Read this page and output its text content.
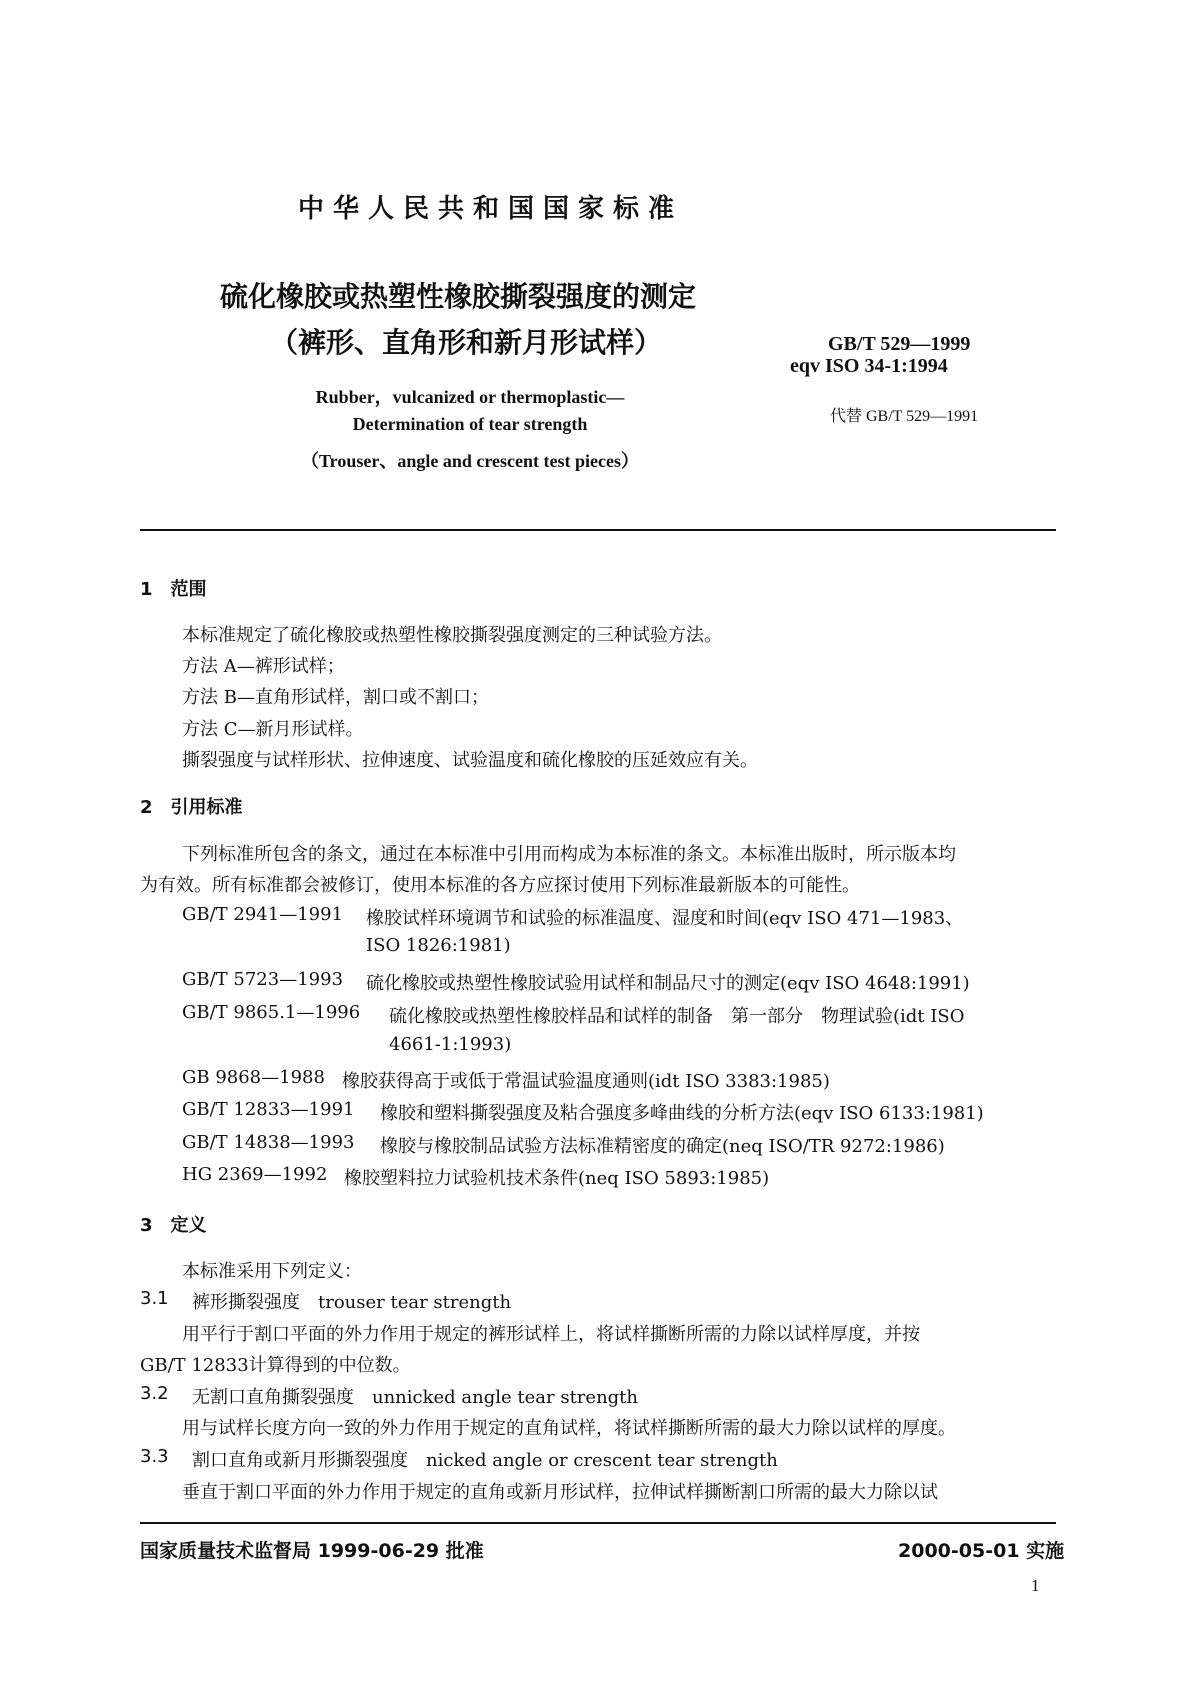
中华人民共和国国家标准
硫化橡胶或热塑性橡胶撕裂强度的测定
（裤形、直角形和新月形试样）	GB/T 529—1999
eqv ISO 34-1:1994
代替 GB/T 529—1991
Rubber，vulcanized or thermoplastic—
Determination of tear strength
（Trouser、angle and crescent test pieces）
1　范围
本标准规定了硫化橡胶或热塑性橡胶撕裂强度测定的三种试验方法。
方法 A—裤形试样；
方法 B—直角形试样，割口或不割口；
方法 C—新月形试样。
撕裂强度与试样形状、拉伸速度、试验温度和硫化橡胶的压延效应有关。
2　引用标准
下列标准所包含的条文，通过在本标准中引用而构成为本标准的条文。本标准出版时，所示版本均
为有效。所有标准都会被修订，使用本标准的各方应探讨使用下列标准最新版本的可能性。
GB/T 2941—1991 橡胶试样环境调节和试验的标准温度、湿度和时间(eqv ISO 471—1983、
ISO 1826:1981)
GB/T 5723—1993 硫化橡胶或热塑性橡胶试验用试样和制品尺寸的测定(eqv ISO 4648:1991)
GB/T 9865.1—1996 硫化橡胶或热塑性橡胶样品和试样的制备　第一部分　物理试验(idt ISO
4661-1:1993)
GB 9868—1988 橡胶获得高于或低于常温试验温度通则(idt ISO 3383:1985)
GB/T 12833—1991 橡胶和塑料撕裂强度及粘合强度多峰曲线的分析方法(eqv ISO 6133:1981)
GB/T 14838—1993 橡胶与橡胶制品试验方法标准精密度的确定(neq ISO/TR 9272:1986)
HG 2369—1992 橡胶塑料拉力试验机技术条件(neq ISO 5893:1985)
3　定义
本标准采用下列定义：
3.1 裤形撕裂强度　trouser tear strength
用平行于割口平面的外力作用于规定的裤形试样上，将试样撕断所需的力除以试样厚度，并按
GB/T 12833计算得到的中位数。
3.2 无割口直角撕裂强度　unnicked angle tear strength
用与试样长度方向一致的外力作用于规定的直角试样，将试样撕断所需的最大力除以试样的厚度。
3.3 割口直角或新月形撕裂强度　nicked angle or crescent tear strength
垂直于割口平面的外力作用于规定的直角或新月形试样，拉伸试样撕断割口所需的最大力除以试
国家质量技术监督局 1999-06-29 批准	2000-05-01 实施
1
